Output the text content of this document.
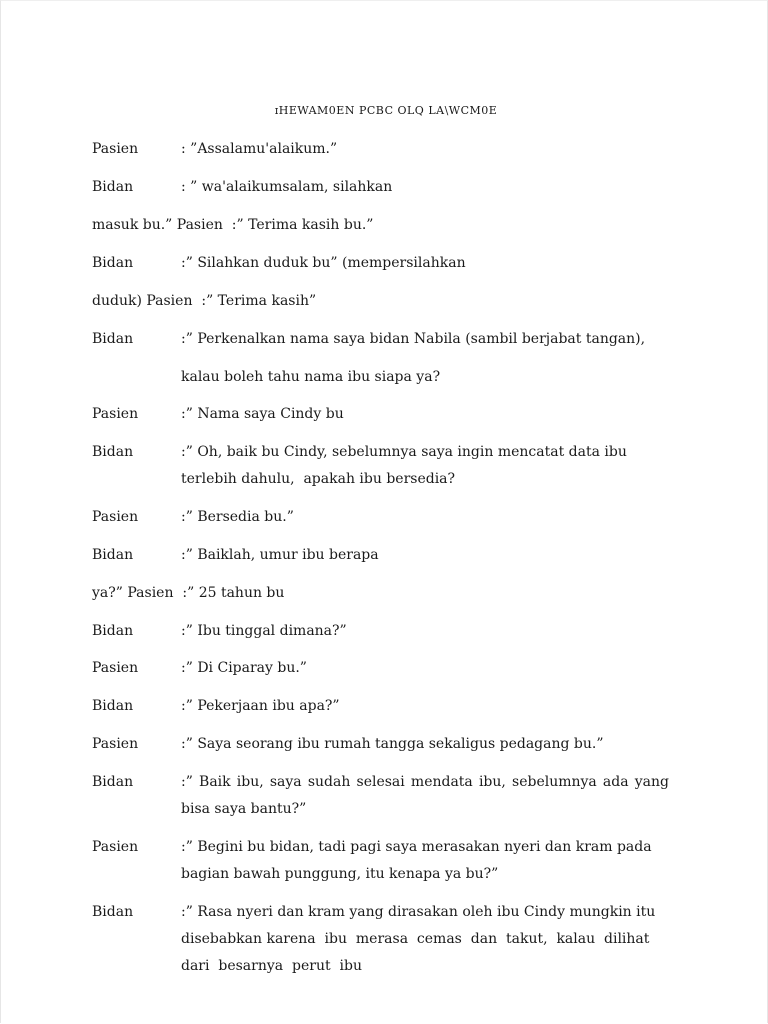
ɪHEWAM0EN PCBC OLQ LA\WCM0E
Pasien	: ”Assalamu'alaikum.”
Bidan	: ” wa'alaikumsalam, silahkan
masuk bu.” Pasien  :” Terima kasih bu.”
Bidan	:” Silahkan duduk bu” (mempersilahkan
duduk) Pasien  :” Terima kasih”
Bidan	:” Perkenalkan nama saya bidan Nabila (sambil berjabat tangan),
kalau boleh tahu nama ibu siapa ya?
Pasien	:” Nama saya Cindy bu
Bidan	:” Oh, baik bu Cindy, sebelumnya saya ingin mencatat data ibu
terlebih dahulu,  apakah ibu bersedia?
Pasien	:” Bersedia bu.”
Bidan	:” Baiklah, umur ibu berapa
ya?” Pasien  :” 25 tahun bu
Bidan	:” Ibu tinggal dimana?”
Pasien	:” Di Ciparay bu.”
Bidan	:” Pekerjaan ibu apa?”
Pasien	:” Saya seorang ibu rumah tangga sekaligus pedagang bu.”
Bidan	:” Baik ibu, saya sudah selesai mendata ibu, sebelumnya ada yang
bisa saya bantu?”
Pasien	:” Begini bu bidan, tadi pagi saya merasakan nyeri dan kram pada
bagian bawah punggung, itu kenapa ya bu?”
Bidan	:” Rasa nyeri dan kram yang dirasakan oleh ibu Cindy mungkin itu
disebabkan karena  ibu  merasa  cemas  dan  takut,  kalau  dilihat
dari  besarnya  perut  ibu
